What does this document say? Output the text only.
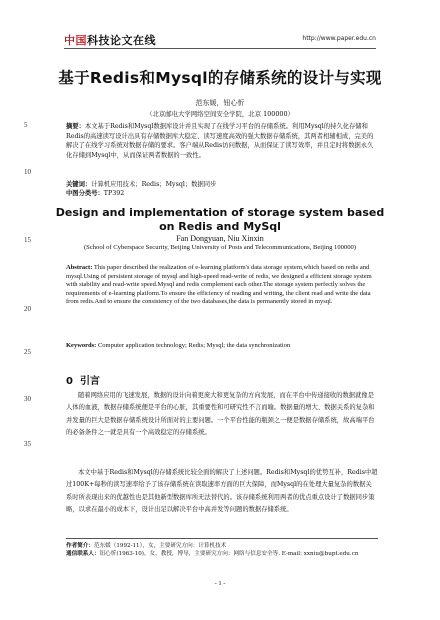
中国科技论文在线	http://www.paper.edu.cn
基于Redis和Mysql的存储系统的设计与实现
范东媛，钮心忻
（北京邮电大学网络空间安全学院，北京 100000）
摘要：本文基于Redis和Mysql数据库设计并且实现了在线学习平台的存储系统。利用Mysql的持久化存储和Redis的高速读写设计出具有存储数据库大稳定、读写速度高效的强大数据存储系统，其两者相辅相成，完美的解决了在线学习系统对数据存储的要求。客户端从Redis访问数据，从而保证了读写效率，并且定时将数据永久化存储到Mysql中，从而保证两者数据的一致性。
关键词：计算机应用技术；Redis；Mysql；数据同步
中图分类号：TP392
Design and implementation of storage system based on Redis and MySql
Fan Dongyuan, Niu Xinxin
(School of Cyberspace Security, Beijing University of Posts and Telecommunications, Beijing 100000)
Abstract: This paper described the realization of e-learning platform's data storage system,which based on redis and mysql.Using of persistent storage of mysql and high-speed read-write of redis, we designed a efficient storage system with stability and read-write speed.Mysql and redis complement each other.The storage system perfectly solves the requirements of e-learning platform.To ensure the efficiency of reading and writing, the client read and write the data from redis.And to ensure the consistency of the two databases,the data is permanently stored in mysql.
Keywords: Computer application technology; Redis; Mysql; the data synchronization
0 引言
随着网络应用的飞速发展，数据的设计向着更庞大和更复杂的方向发展，而在平台中传递接收的数据就像是人体的血液，数据存储系统便是平台的心脏，其重要性和可研究性不言而喻。数据量的增大、数据关系的复杂和并发量的巨大是数据存储系统设计所面对的主要问题。一个平台性能的瓶颈之一便是数据存储系统，故高端平台的必备条件之一就是具有一个高效稳定的存储系统。
本文中基于Redis和Mysql的存储系统比较全面的解决了上述问题。Redis和Mysql的优势互补，Redis中超过100K+每秒的读写速率给予了该存储系统在读取速率方面的巨大保障，而Mysql的在处理大量复杂的数据关系时所表现出来的优越性也是其他新型数据库所无法替代的。该存储系统利用两者的优点重点设计了数据同步策略，以求在最小的成本下，设计出足以解决平台中高并发等问题的数据存储系统。
5
10
15
20
25
30
35
作者简介：范东媛（1992-11），女，主要研究方向：计算机技术
通信联系人：钮心忻(1963-10)，女，教授，博导，主要研究方向：网络与信息安全等. E-mail: xxniu@bupt.edu.cn
- 1 -
